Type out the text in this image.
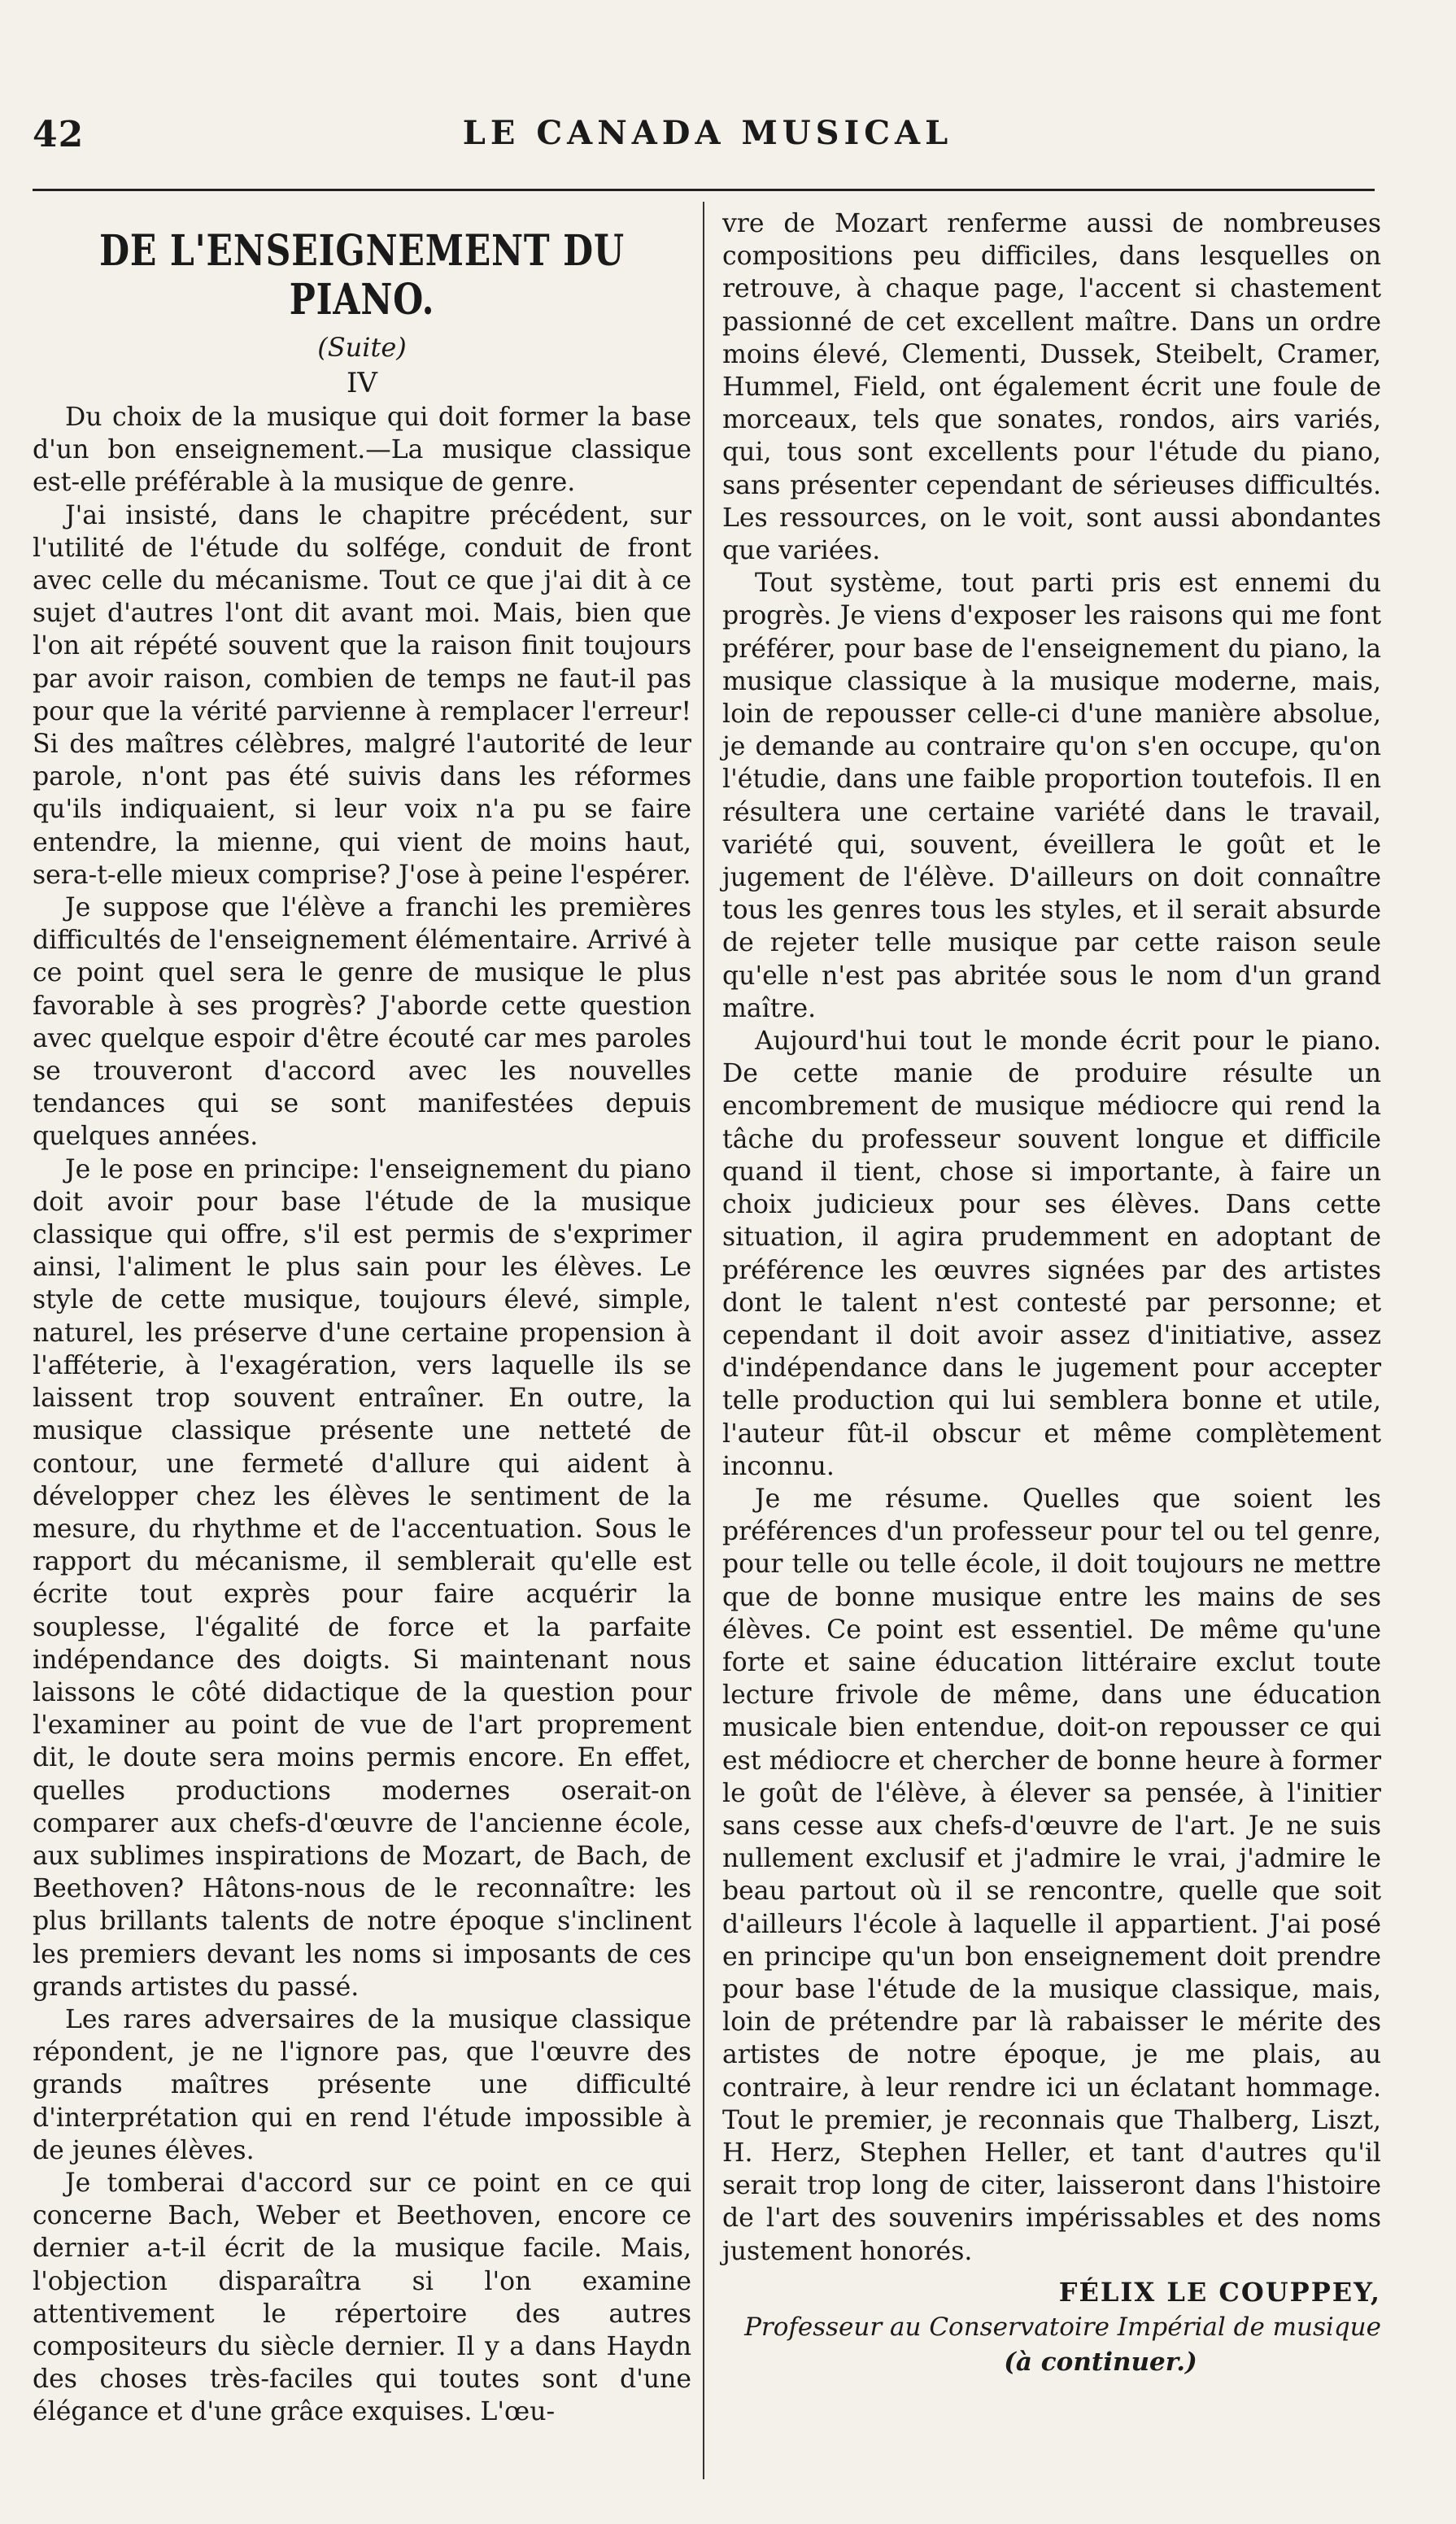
42	LE CANADA MUSICAL
DE L'ENSEIGNEMENT DU PIANO.

(Suite)

IV

Du choix de la musique qui doit former la base d'un bon enseignement.—La musique classique est-elle préférable à la musique de genre.

J'ai insisté, dans le chapitre précédent, sur l'utilité de l'étude du solfége, conduit de front avec celle du mécanisme. Tout ce que j'ai dit à ce sujet d'autres l'ont dit avant moi. Mais, bien que l'on ait répété souvent que la raison finit toujours par avoir raison, combien de temps ne faut-il pas pour que la vérité parvienne à remplacer l'erreur! Si des maîtres célèbres, malgré l'autorité de leur parole, n'ont pas été suivis dans les réformes qu'ils indiquaient, si leur voix n'a pu se faire entendre, la mienne, qui vient de moins haut, sera-t-elle mieux comprise? J'ose à peine l'espérer.

Je suppose que l'élève a franchi les premières difficultés de l'enseignement élémentaire. Arrivé à ce point quel sera le genre de musique le plus favorable à ses progrès? J'aborde cette question avec quelque espoir d'être écouté car mes paroles se trouveront d'accord avec les nouvelles tendances qui se sont manifestées depuis quelques années.

Je le pose en principe: l'enseignement du piano doit avoir pour base l'étude de la musique classique qui offre, s'il est permis de s'exprimer ainsi, l'aliment le plus sain pour les élèves. Le style de cette musique, toujours élevé, simple, naturel, les préserve d'une certaine propension à l'afféterie, à l'exagération, vers laquelle ils se laissent trop souvent entraîner. En outre, la musique classique présente une netteté de contour, une fermeté d'allure qui aident à développer chez les élèves le sentiment de la mesure, du rhythme et de l'accentuation. Sous le rapport du mécanisme, il semblerait qu'elle est écrite tout exprès pour faire acquérir la souplesse, l'égalité de force et la parfaite indépendance des doigts. Si maintenant nous laissons le côté didactique de la question pour l'examiner au point de vue de l'art proprement dit, le doute sera moins permis encore. En effet, quelles productions modernes oserait-on comparer aux chefs-d'œuvre de l'ancienne école, aux sublimes inspirations de Mozart, de Bach, de Beethoven? Hâtons-nous de le reconnaître: les plus brillants talents de notre époque s'inclinent les premiers devant les noms si imposants de ces grands artistes du passé.

Les rares adversaires de la musique classique répondent, je ne l'ignore pas, que l'œuvre des grands maîtres présente une difficulté d'interprétation qui en rend l'étude impossible à de jeunes élèves.

Je tomberai d'accord sur ce point en ce qui concerne Bach, Weber et Beethoven, encore ce dernier a-t-il écrit de la musique facile. Mais, l'objection disparaîtra si l'on examine attentivement le répertoire des autres compositeurs du siècle dernier. Il y a dans Haydn des choses très-faciles qui toutes sont d'une élégance et d'une grâce exquises. L'œu-

vre de Mozart renferme aussi de nombreuses compositions peu difficiles, dans lesquelles on retrouve, à chaque page, l'accent si chastement passionné de cet excellent maître. Dans un ordre moins élevé, Clementi, Dussek, Steibelt, Cramer, Hummel, Field, ont également écrit une foule de morceaux, tels que sonates, rondos, airs variés, qui, tous sont excellents pour l'étude du piano, sans présenter cependant de sérieuses difficultés. Les ressources, on le voit, sont aussi abondantes que variées.

Tout système, tout parti pris est ennemi du progrès. Je viens d'exposer les raisons qui me font préférer, pour base de l'enseignement du piano, la musique classique à la musique moderne, mais, loin de repousser celle-ci d'une manière absolue, je demande au contraire qu'on s'en occupe, qu'on l'étudie, dans une faible proportion toutefois. Il en résultera une certaine variété dans le travail, variété qui, souvent, éveillera le goût et le jugement de l'élève. D'ailleurs on doit connaître tous les genres tous les styles, et il serait absurde de rejeter telle musique par cette raison seule qu'elle n'est pas abritée sous le nom d'un grand maître.

Aujourd'hui tout le monde écrit pour le piano. De cette manie de produire résulte un encombrement de musique médiocre qui rend la tâche du professeur souvent longue et difficile quand il tient, chose si importante, à faire un choix judicieux pour ses élèves. Dans cette situation, il agira prudemment en adoptant de préférence les œuvres signées par des artistes dont le talent n'est contesté par personne; et cependant il doit avoir assez d'initiative, assez d'indépendance dans le jugement pour accepter telle production qui lui semblera bonne et utile, l'auteur fût-il obscur et même complètement inconnu.

Je me résume. Quelles que soient les préférences d'un professeur pour tel ou tel genre, pour telle ou telle école, il doit toujours ne mettre que de bonne musique entre les mains de ses élèves. Ce point est essentiel. De même qu'une forte et saine éducation littéraire exclut toute lecture frivole de même, dans une éducation musicale bien entendue, doit-on repousser ce qui est médiocre et chercher de bonne heure à former le goût de l'élève, à élever sa pensée, à l'initier sans cesse aux chefs-d'œuvre de l'art. Je ne suis nullement exclusif et j'admire le vrai, j'admire le beau partout où il se rencontre, quelle que soit d'ailleurs l'école à laquelle il appartient. J'ai posé en principe qu'un bon enseignement doit prendre pour base l'étude de la musique classique, mais, loin de prétendre par là rabaisser le mérite des artistes de notre époque, je me plais, au contraire, à leur rendre ici un éclatant hommage. Tout le premier, je reconnais que Thalberg, Liszt, H. Herz, Stephen Heller, et tant d'autres qu'il serait trop long de citer, laisseront dans l'histoire de l'art des souvenirs impérissables et des noms justement honorés.

FÉLIX LE COUPPEY,

Professeur au Conservatoire Impérial de musique

(à continuer.)
